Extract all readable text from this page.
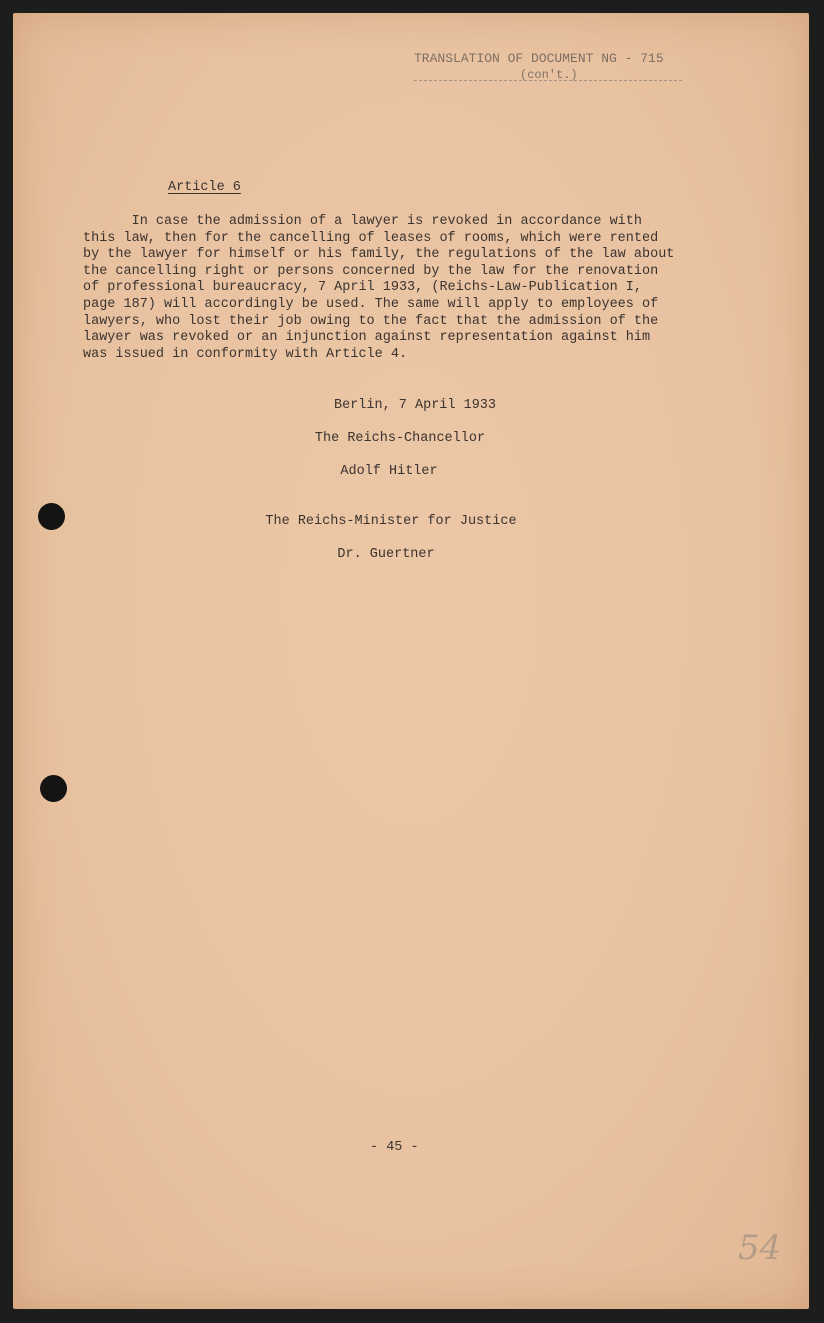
TRANSLATION OF DOCUMENT NG - 715
(con't.)
Article 6
In case the admission of a lawyer is revoked in accordance with
this law, then for the cancelling of leases of rooms, which were rented
by the lawyer for himself or his family, the regulations of the law about
the cancelling right or persons concerned by the law for the renovation
of professional bureaucracy, 7 April 1933, (Reichs-Law-Publication I,
page 187) will accordingly be used. The same will apply to employees of
lawyers, who lost their job owing to the fact that the admission of the
lawyer was revoked or an injunction against representation against him
was issued in conformity with Article 4.
Berlin, 7 April 1933
The Reichs-Chancellor
Adolf Hitler
The Reichs-Minister for Justice
Dr. Guertner
- 45 -
54
